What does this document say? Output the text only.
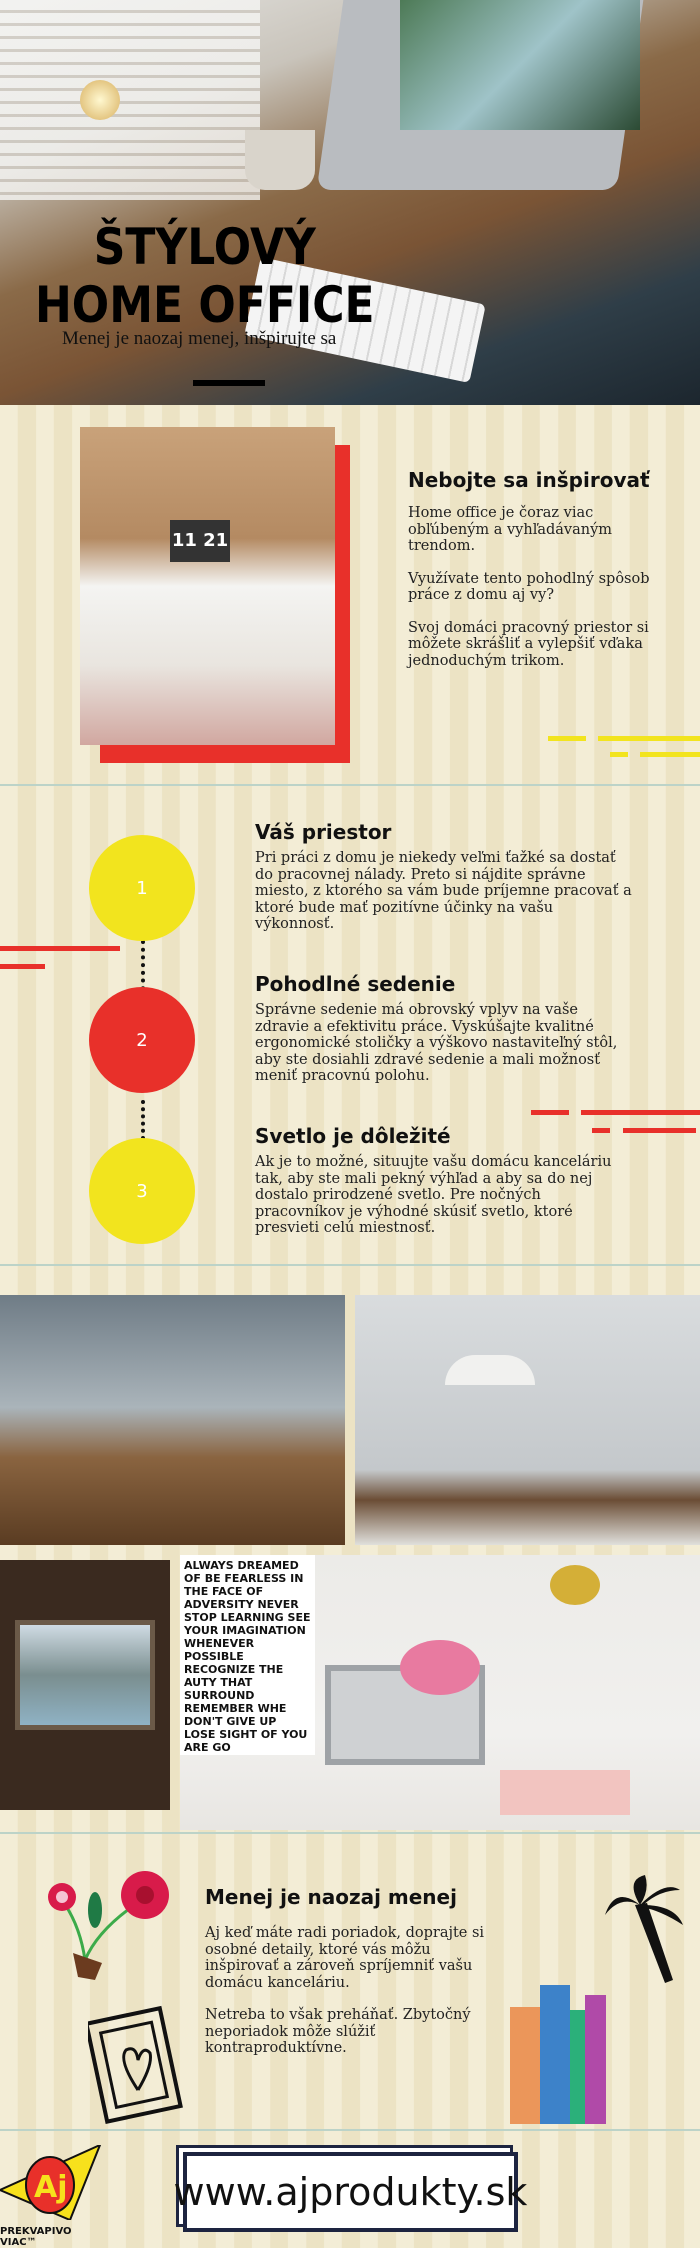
ŠTÝLOVÝ HOME OFFICE
Menej je naozaj menej, inšpirujte sa
11 21
Nebojte sa inšpirovať

Home office je čoraz viac obľúbeným a vyhľadávaným trendom.

Využívate tento pohodlný spôsob práce z domu aj vy?

Svoj domáci pracovný priestor si môžete skrášliť a vylepšiť vďaka jednoduchým trikom.

1
2
3
Váš priestor
Pri práci z domu je niekedy veľmi ťažké sa dostať do pracovnej nálady. Preto si nájdite správne miesto, z ktorého sa vám bude príjemne pracovať a ktoré bude mať pozitívne účinky na vašu výkonnosť.
Pohodlné sedenie
Správne sedenie má obrovský vplyv na vaše zdravie a efektivitu práce. Vyskúšajte kvalitné ergonomické stoličky a výškovo nastaviteľný stôl, aby ste dosiahli zdravé sedenie a mali možnosť meniť pracovnú polohu.
Svetlo je dôležité
Ak je to možné, situujte vašu domácu kanceláriu tak, aby ste mali pekný výhľad a aby sa do nej dostalo prirodzené svetlo. Pre nočných pracovníkov je výhodné skúsiť svetlo, ktoré presvieti celú miestnosť.
ALWAYS DREAMED OF BE FEARLESS IN THE FACE OF ADVERSITY NEVER STOP LEARNING SEE YOUR IMAGINATION WHENEVER POSSIBLE RECOGNIZE THE AUTY THAT SURROUND REMEMBER WHE DON'T GIVE UP LOSE SIGHT OF YOU ARE GO
Menej je naozaj menej

Aj keď máte radi poriadok, doprajte si osobné detaily, ktoré vás môžu inšpirovať a zároveň spríjemniť vašu domácu kanceláriu.

Netreba to však preháňať. Zbytočný neporiadok môže slúžiť kontraproduktívne.

Aj
PREKVAPIVO VIAC™
www.ajprodukty.sk
